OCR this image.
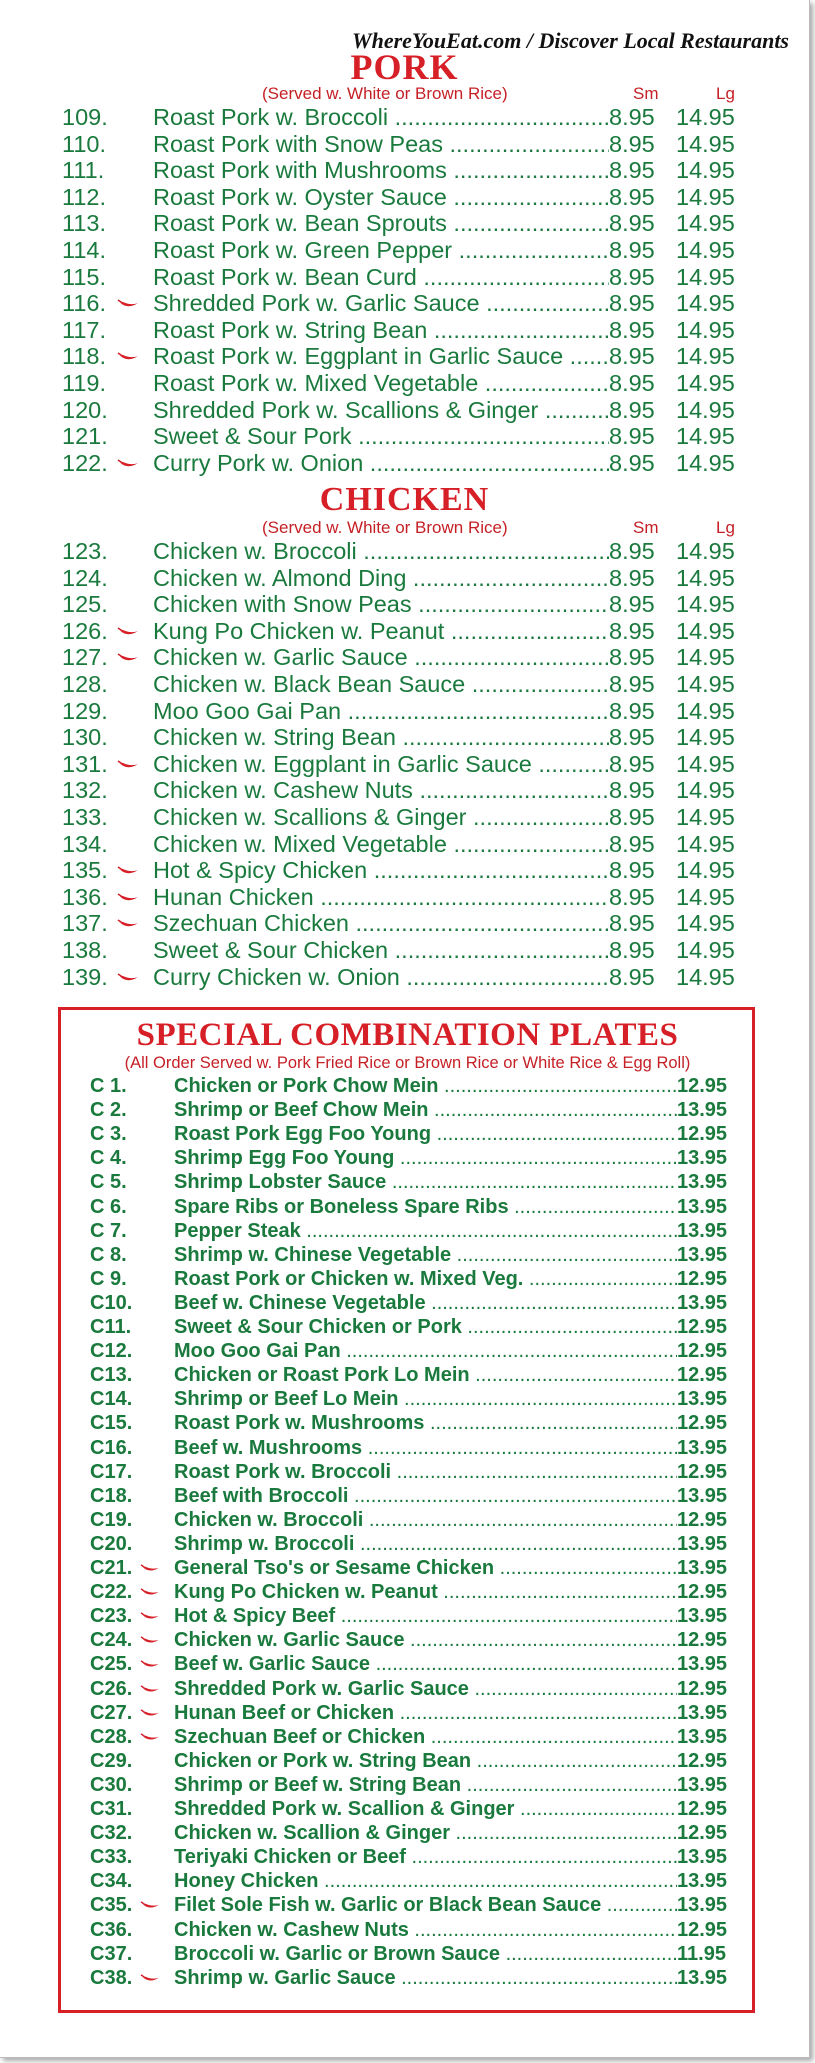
WhereYouEat.com / Discover Local Restaurants
PORK
(Served w. White or Brown Rice)	Sm	Lg
109. Roast Pork w. Broccoli .....	8.95 14.95
110. Roast Pork with Snow Peas .....	8.95 14.95
111. Roast Pork with Mushrooms .....	8.95 14.95
112. Roast Pork w. Oyster Sauce .....	8.95 14.95
113. Roast Pork w. Bean Sprouts .....	8.95 14.95
114. Roast Pork w. Green Pepper .....	8.95 14.95
115. Roast Pork w. Bean Curd .....	8.95 14.95
116. Shredded Pork w. Garlic Sauce .....	8.95 14.95
117. Roast Pork w. String Bean .....	8.95 14.95
118. Roast Pork w. Eggplant in Garlic Sauce .....	8.95 14.95
119. Roast Pork w. Mixed Vegetable .....	8.95 14.95
120. Shredded Pork w. Scallions & Ginger .....	8.95 14.95
121. Sweet & Sour Pork .....	8.95 14.95
122. Curry Pork w. Onion .....	8.95 14.95
CHICKEN
(Served w. White or Brown Rice)	Sm	Lg
123. Chicken w. Broccoli .....	8.95 14.95
124. Chicken w. Almond Ding .....	8.95 14.95
125. Chicken with Snow Peas .....	8.95 14.95
126. Kung Po Chicken w. Peanut .....	8.95 14.95
127. Chicken w. Garlic Sauce .....	8.95 14.95
128. Chicken w. Black Bean Sauce .....	8.95 14.95
129. Moo Goo Gai Pan .....	8.95 14.95
130. Chicken w. String Bean .....	8.95 14.95
131. Chicken w. Eggplant in Garlic Sauce .....	8.95 14.95
132. Chicken w. Cashew Nuts .....	8.95 14.95
133. Chicken w. Scallions & Ginger .....	8.95 14.95
134. Chicken w. Mixed Vegetable .....	8.95 14.95
135. Hot & Spicy Chicken .....	8.95 14.95
136. Hunan Chicken .....	8.95 14.95
137. Szechuan Chicken .....	8.95 14.95
138. Sweet & Sour Chicken .....	8.95 14.95
139. Curry Chicken w. Onion .....	8.95 14.95
SPECIAL COMBINATION PLATES
(All Order Served w. Pork Fried Rice or Brown Rice or White Rice & Egg Roll)
C 1. Chicken or Pork Chow Mein .....	12.95
C 2. Shrimp or Beef Chow Mein .....	13.95
C 3. Roast Pork Egg Foo Young .....	12.95
C 4. Shrimp Egg Foo Young .....	13.95
C 5. Shrimp Lobster Sauce .....	13.95
C 6. Spare Ribs or Boneless Spare Ribs .....	13.95
C 7. Pepper Steak .....	13.95
C 8. Shrimp w. Chinese Vegetable .....	13.95
C 9. Roast Pork or Chicken w. Mixed Veg. .....	12.95
C10. Beef w. Chinese Vegetable .....	13.95
C11. Sweet & Sour Chicken or Pork .....	12.95
C12. Moo Goo Gai Pan .....	12.95
C13. Chicken or Roast Pork Lo Mein .....	12.95
C14. Shrimp or Beef Lo Mein .....	13.95
C15. Roast Pork w. Mushrooms .....	12.95
C16. Beef w. Mushrooms .....	13.95
C17. Roast Pork w. Broccoli .....	12.95
C18. Beef with Broccoli .....	13.95
C19. Chicken w. Broccoli .....	12.95
C20. Shrimp w. Broccoli .....	13.95
C21. General Tso's or Sesame Chicken .....	13.95
C22. Kung Po Chicken w. Peanut .....	12.95
C23. Hot & Spicy Beef .....	13.95
C24. Chicken w. Garlic Sauce .....	12.95
C25. Beef w. Garlic Sauce .....	13.95
C26. Shredded Pork w. Garlic Sauce .....	12.95
C27. Hunan Beef or Chicken .....	13.95
C28. Szechuan Beef or Chicken .....	13.95
C29. Chicken or Pork w. String Bean .....	12.95
C30. Shrimp or Beef w. String Bean .....	13.95
C31. Shredded Pork w. Scallion & Ginger .....	12.95
C32. Chicken w. Scallion & Ginger .....	12.95
C33. Teriyaki Chicken or Beef .....	13.95
C34. Honey Chicken .....	13.95
C35. Filet Sole Fish w. Garlic or Black Bean Sauce .....	13.95
C36. Chicken w. Cashew Nuts .....	12.95
C37. Broccoli w. Garlic or Brown Sauce .....	11.95
C38. Shrimp w. Garlic Sauce .....	13.95
